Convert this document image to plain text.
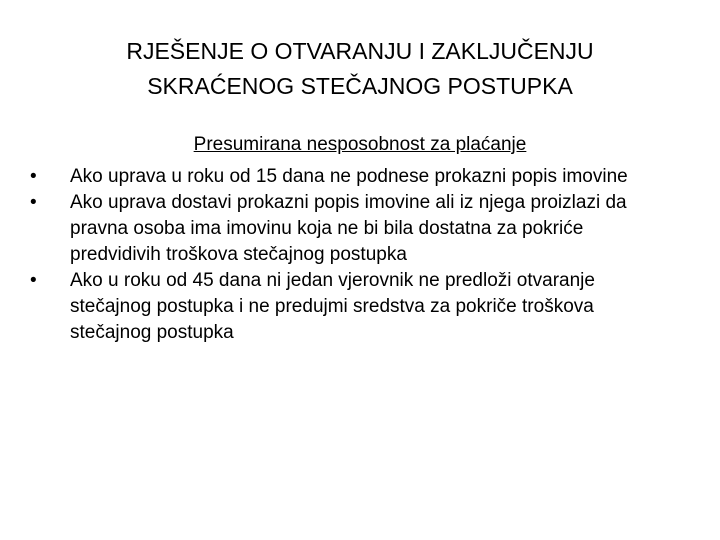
RJEŠENJE O OTVARANJU I ZAKLJUČENJU
SKRAĆENOG STEČAJNOG POSTUPKA
Presumirana nesposobnost za plaćanje
• Ako uprava u roku od 15 dana ne podnese prokazni popis imovine
• Ako uprava dostavi prokazni popis imovine ali iz njega proizlazi da pravna osoba ima imovinu koja ne bi bila dostatna za pokriće predvidivih troškova stečajnog postupka
• Ako u roku od 45 dana ni jedan vjerovnik ne predloži otvaranje stečajnog postupka i ne predujmi sredstva za pokriče troškova stečajnog postupka
